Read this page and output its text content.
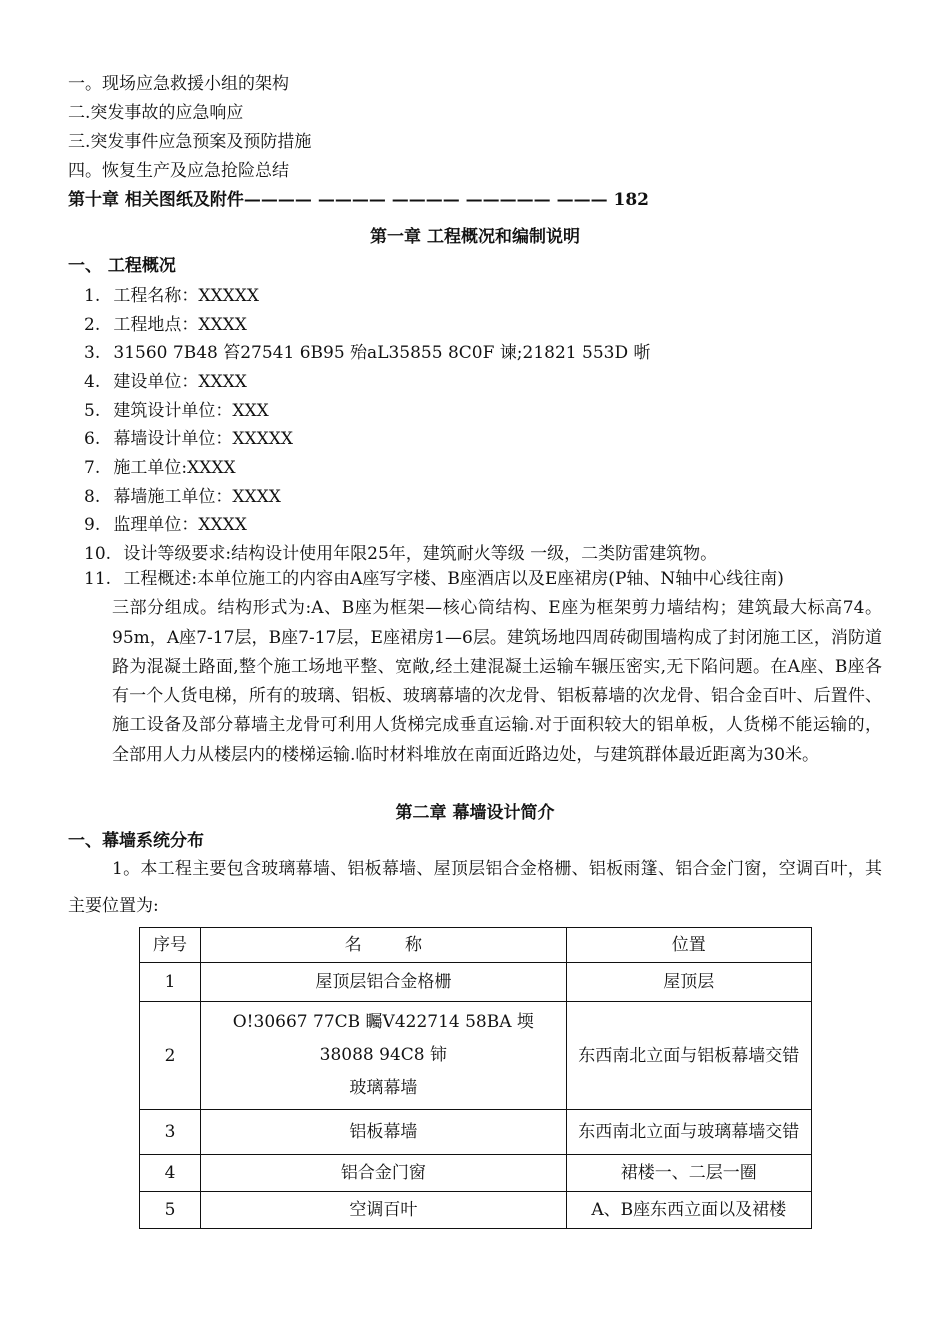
一。现场应急救援小组的架构
二.突发事故的应急响应
三.突发事件应急预案及预防措施
四。恢复生产及应急抢险总结
第十章 相关图纸及附件———— ———— ———— ————— ——— 182
第一章 工程概况和编制说明
一、 工程概况
1. 工程名称：XXXXX
2. 工程地点：XXXX
3. 31560 7B48 笞27541 6B95 殆aL35855 8C0F 谏;21821 553D 哳
4. 建设单位：XXXX
5. 建筑设计单位：XXX
6. 幕墙设计单位：XXXXX
7. 施工单位:XXXX
8. 幕墙施工单位：XXXX
9. 监理单位：XXXX
10. 设计等级要求:结构设计使用年限25年，建筑耐火等级 一级，二类防雷建筑物。
11. 工程概述:本单位施工的内容由A座写字楼、B座酒店以及E座裙房(P轴、N轴中心线往南)
三部分组成。结构形式为:A、B座为框架—核心筒结构、E座为框架剪力墙结构；建筑最大标高74。95m，A座7-17层，B座7-17层，E座裙房1—6层。建筑场地四周砖砌围墙构成了封闭施工区，消防道路为混凝土路面,整个施工场地平整、宽敞,经土建混凝土运输车辗压密实,无下陷问题。在A座、B座各有一个人货电梯，所有的玻璃、铝板、玻璃幕墙的次龙骨、铝板幕墙的次龙骨、铝合金百叶、后置件、施工设备及部分幕墙主龙骨可利用人货梯完成垂直运输.对于面积较大的铝单板，人货梯不能运输的，全部用人力从楼层内的楼梯运输.临时材料堆放在南面近路边处，与建筑群体最近距离为30米。
第二章 幕墙设计简介
一、幕墙系统分布
1。本工程主要包含玻璃幕墙、铝板幕墙、屋顶层铝合金格栅、铝板雨篷、铝合金门窗，空调百叶，其主要位置为:
序号	名        称	位置
1	屋顶层铝合金格栅	屋顶层
2	O!30667 77CB 矚V422714 58BA 堧38088 94C8 铈
玻璃幕墙	东西南北立面与铝板幕墙交错
3	铝板幕墙	东西南北立面与玻璃幕墙交错
4	铝合金门窗	裙楼一、二层一圈
5	空调百叶	A、B座东西立面以及裙楼
